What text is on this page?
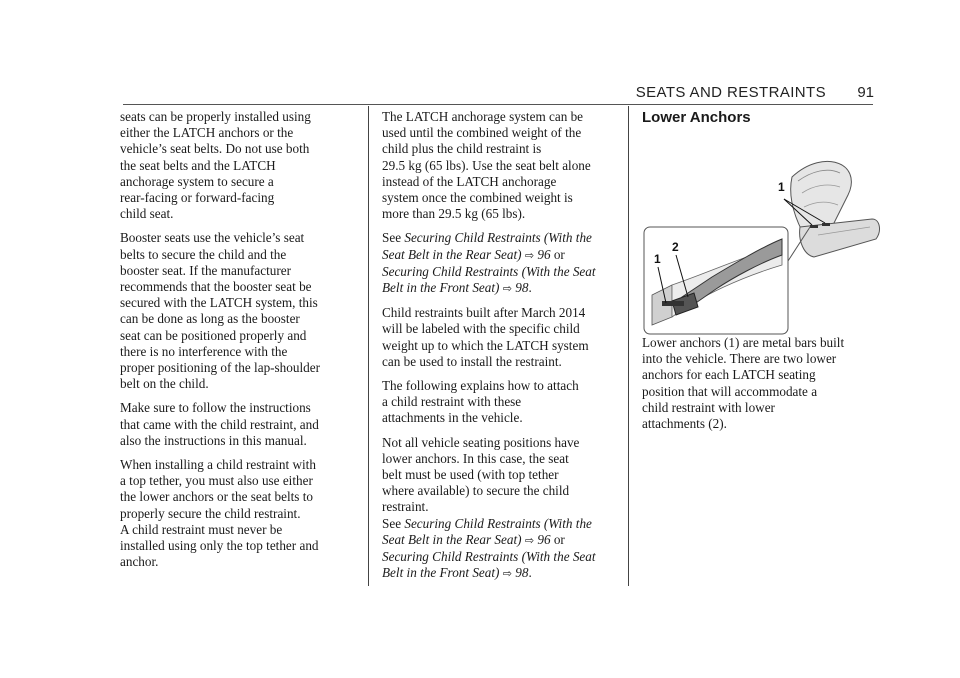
SEATS AND RESTRAINTS 91

seats can be properly installed using
either the LATCH anchors or the
vehicle’s seat belts. Do not use both
the seat belts and the LATCH
anchorage system to secure a
rear-facing or forward-facing
child seat.

Booster seats use the vehicle’s seat
belts to secure the child and the
booster seat. If the manufacturer
recommends that the booster seat be
secured with the LATCH system, this
can be done as long as the booster
seat can be positioned properly and
there is no interference with the
proper positioning of the lap-shoulder
belt on the child.

Make sure to follow the instructions
that came with the child restraint, and
also the instructions in this manual.

When installing a child restraint with
a top tether, you must also use either
the lower anchors or the seat belts to
properly secure the child restraint.
A child restraint must never be
installed using only the top tether and
anchor.

The LATCH anchorage system can be
used until the combined weight of the
child plus the child restraint is
29.5 kg (65 lbs). Use the seat belt alone
instead of the LATCH anchorage
system once the combined weight is
more than 29.5 kg (65 lbs).

See Securing Child Restraints (With the
Seat Belt in the Rear Seat) ⇨ 96 or
Securing Child Restraints (With the Seat
Belt in the Front Seat) ⇨ 98.

Child restraints built after March 2014
will be labeled with the specific child
weight up to which the LATCH system
can be used to install the restraint.

The following explains how to attach
a child restraint with these
attachments in the vehicle.

Not all vehicle seating positions have
lower anchors. In this case, the seat
belt must be used (with top tether
where available) to secure the child
restraint.

See Securing Child Restraints (With the
Seat Belt in the Rear Seat) ⇨ 96 or
Securing Child Restraints (With the Seat
Belt in the Front Seat) ⇨ 98.

Lower Anchors
1
2
1

Lower anchors (1) are metal bars built
into the vehicle. There are two lower
anchors for each LATCH seating
position that will accommodate a
child restraint with lower
attachments (2).
